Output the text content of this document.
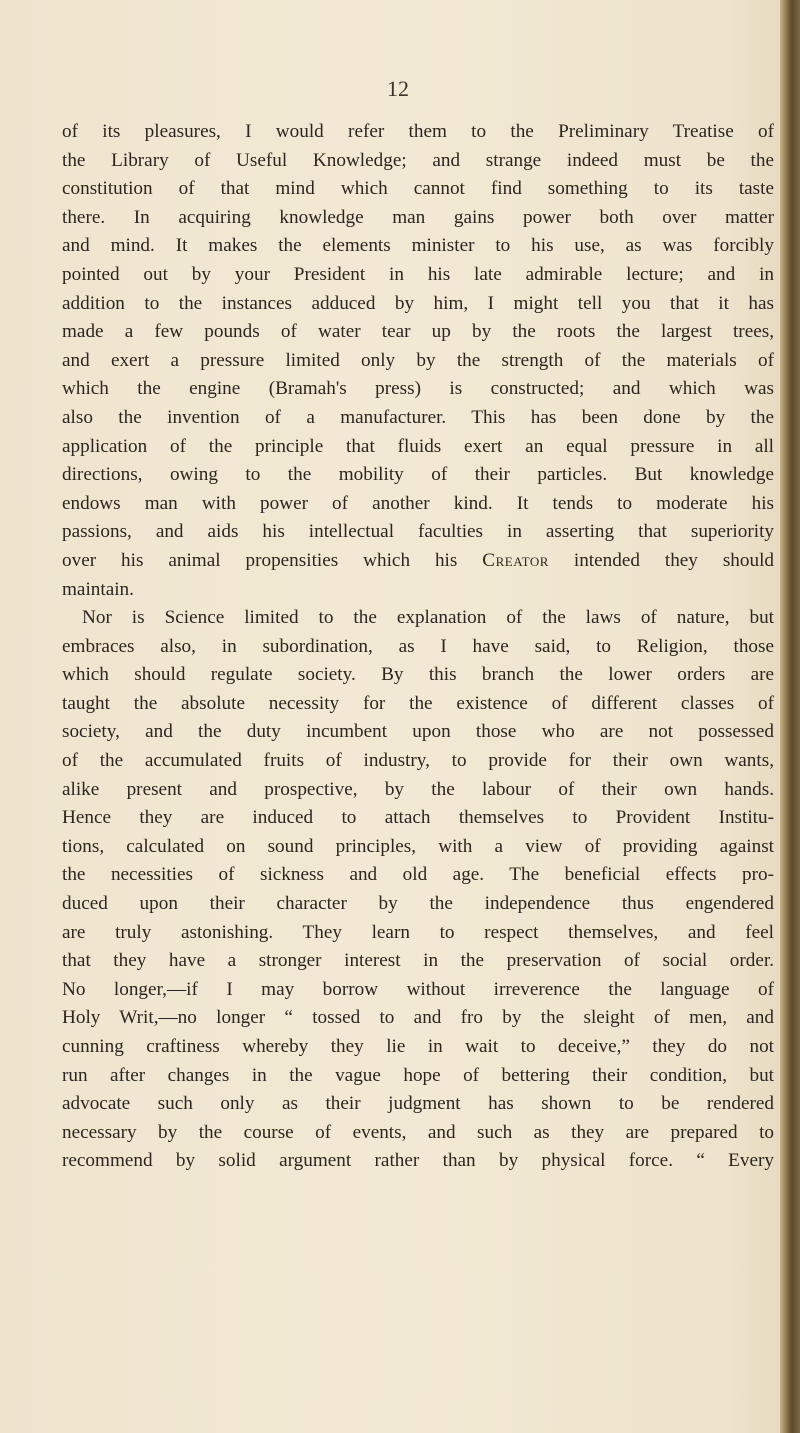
12
of its pleasures, I would refer them to the Preliminary Treatise of
the Library of Useful Knowledge; and strange indeed must be the
constitution of that mind which cannot find something to its taste
there. In acquiring knowledge man gains power both over matter
and mind. It makes the elements minister to his use, as was forcibly
pointed out by your President in his late admirable lecture; and in
addition to the instances adduced by him, I might tell you that it has
made a few pounds of water tear up by the roots the largest trees,
and exert a pressure limited only by the strength of the materials of
which the engine (Bramah's press) is constructed; and which was
also the invention of a manufacturer. This has been done by the
application of the principle that fluids exert an equal pressure in all
directions, owing to the mobility of their particles. But knowledge
endows man with power of another kind. It tends to moderate his
passions, and aids his intellectual faculties in asserting that superiority
over his animal propensities which his Creator intended they should
maintain.
Nor is Science limited to the explanation of the laws of nature, but
embraces also, in subordination, as I have said, to Religion, those
which should regulate society. By this branch the lower orders are
taught the absolute necessity for the existence of different classes of
society, and the duty incumbent upon those who are not possessed
of the accumulated fruits of industry, to provide for their own wants,
alike present and prospective, by the labour of their own hands.
Hence they are induced to attach themselves to Provident Institu-
tions, calculated on sound principles, with a view of providing against
the necessities of sickness and old age. The beneficial effects pro-
duced upon their character by the independence thus engendered
are truly astonishing. They learn to respect themselves, and feel
that they have a stronger interest in the preservation of social order.
No longer,—if I may borrow without irreverence the language of
Holy Writ,—no longer “ tossed to and fro by the sleight of men, and
cunning craftiness whereby they lie in wait to deceive,” they do not
run after changes in the vague hope of bettering their condition, but
advocate such only as their judgment has shown to be rendered
necessary by the course of events, and such as they are prepared to
recommend by solid argument rather than by physical force. “ Every
